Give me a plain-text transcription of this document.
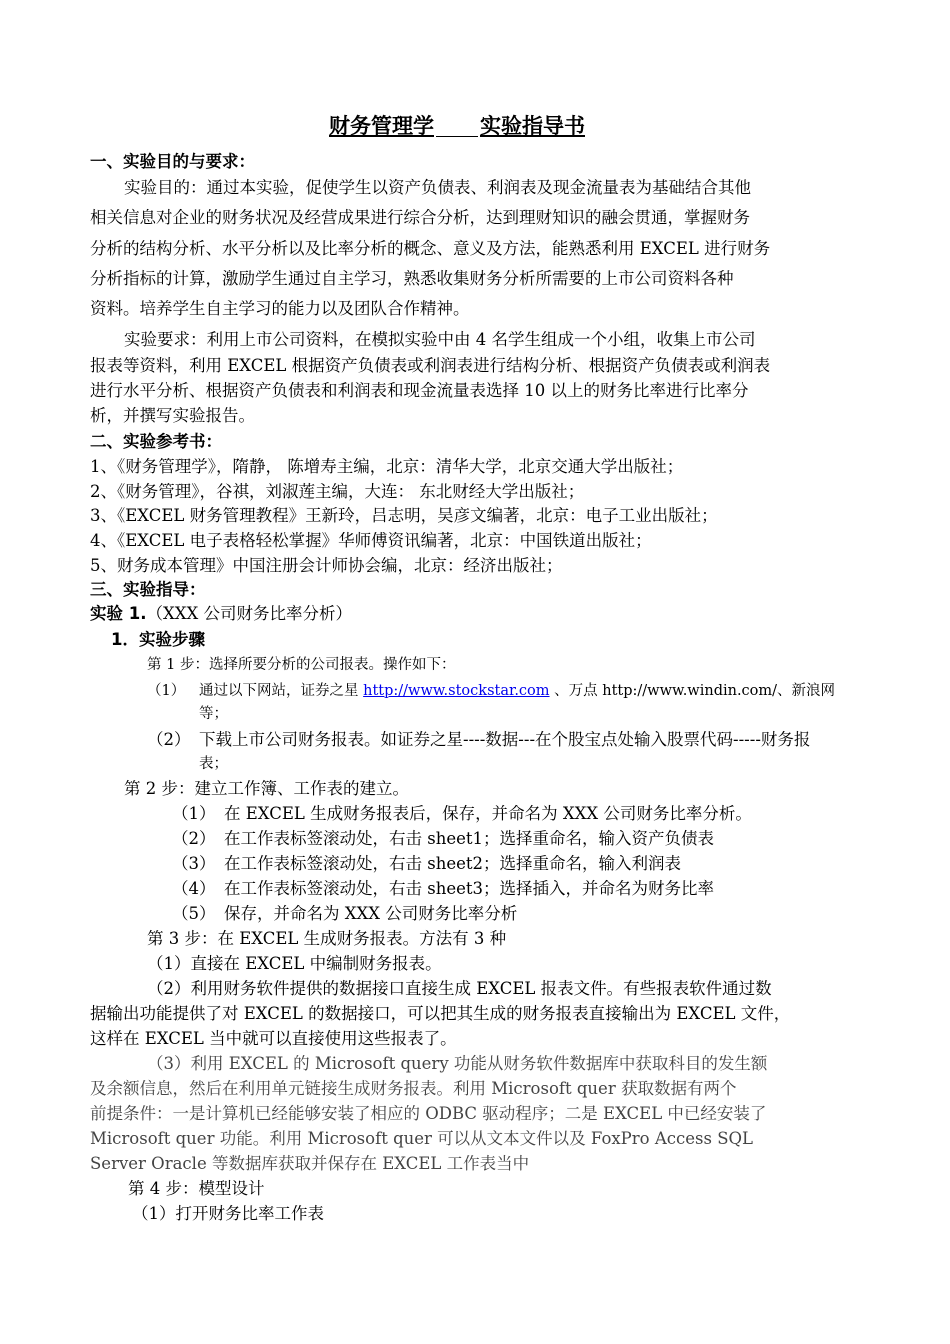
财务管理学 实验指导书
一、实验目的与要求：
实验目的：通过本实验，促使学生以资产负债表、利润表及现金流量表为基础结合其他
相关信息对企业的财务状况及经营成果进行综合分析，达到理财知识的融会贯通，掌握财务
分析的结构分析、水平分析以及比率分析的概念、意义及方法，能熟悉利用 EXCEL 进行财务
分析指标的计算，激励学生通过自主学习，熟悉收集财务分析所需要的上市公司资料各种
资料。培养学生自主学习的能力以及团队合作精神。
实验要求：利用上市公司资料，在模拟实验中由 4 名学生组成一个小组，收集上市公司
报表等资料，利用 EXCEL 根据资产负债表或利润表进行结构分析、根据资产负债表或利润表
进行水平分析、根据资产负债表和利润表和现金流量表选择 10 以上的财务比率进行比率分
析，并撰写实验报告。
二、实验参考书：
1、《财务管理学》，隋静， 陈增寿主编，北京：清华大学，北京交通大学出版社；
2、《财务管理》，谷祺，刘淑莲主编，大连： 东北财经大学出版社；
3、《EXCEL 财务管理教程》王新玲，吕志明，吴彦文编著，北京：电子工业出版社；
4、《EXCEL 电子表格轻松掌握》华师傅资讯编著，北京：中国铁道出版社；
5、财务成本管理》中国注册会计师协会编，北京：经济出版社；
三、实验指导：
实验 1.（XXX 公司财务比率分析）
1．实验步骤
第 1 步：选择所要分析的公司报表。操作如下：
（1） 通过以下网站，证券之星 http://www.stockstar.com 、万点 http://www.windin.com/、新浪网
等；
（2） 下载上市公司财务报表。如证券之星----数据---在个股宝点处输入股票代码-----财务报
表；
第 2 步：建立工作簿、工作表的建立。
（1） 在 EXCEL 生成财务报表后，保存，并命名为 XXX 公司财务比率分析。
（2） 在工作表标签滚动处，右击 sheet1；选择重命名，输入资产负债表
（3） 在工作表标签滚动处，右击 sheet2；选择重命名，输入利润表
（4） 在工作表标签滚动处，右击 sheet3；选择插入，并命名为财务比率
（5） 保存，并命名为 XXX 公司财务比率分析
第 3 步：在 EXCEL 生成财务报表。方法有 3 种
（1）直接在 EXCEL 中编制财务报表。
（2）利用财务软件提供的数据接口直接生成 EXCEL 报表文件。有些报表软件通过数
据输出功能提供了对 EXCEL 的数据接口，可以把其生成的财务报表直接输出为 EXCEL 文件，
这样在 EXCEL 当中就可以直接使用这些报表了。
（3）利用 EXCEL 的 Microsoft query 功能从财务软件数据库中获取科目的发生额
及余额信息，然后在利用单元链接生成财务报表。利用 Microsoft quer 获取数据有两个
前提条件：一是计算机已经能够安装了相应的 ODBC 驱动程序；二是 EXCEL 中已经安装了
Microsoft quer 功能。利用 Microsoft quer 可以从文本文件以及 FoxPro Access SQL
Server Oracle 等数据库获取并保存在 EXCEL 工作表当中
第 4 步：模型设计
（1）打开财务比率工作表
